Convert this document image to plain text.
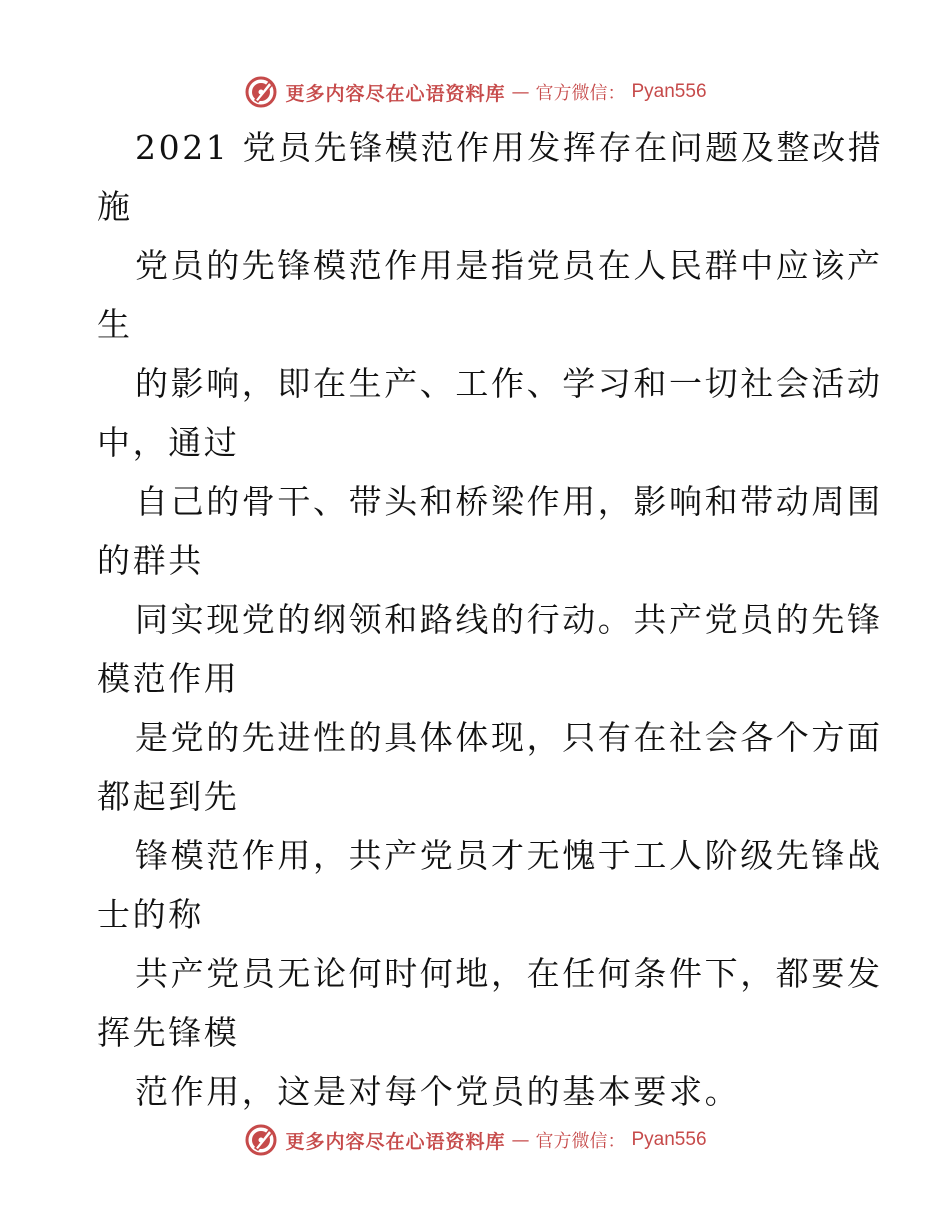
更多内容尽在心语资料库 — 官方微信： Pyan556
2021 党员先锋模范作用发挥存在问题及整改措
施
党员的先锋模范作用是指党员在人民群中应该产
生
的影响，即在生产、工作、学习和一切社会活动
中，通过
自己的骨干、带头和桥梁作用，影响和带动周围
的群共
同实现党的纲领和路线的行动。共产党员的先锋
模范作用
是党的先进性的具体体现，只有在社会各个方面
都起到先
锋模范作用，共产党员才无愧于工人阶级先锋战
士的称
共产党员无论何时何地，在任何条件下，都要发
挥先锋模
范作用，这是对每个党员的基本要求。
更多内容尽在心语资料库 — 官方微信： Pyan556
